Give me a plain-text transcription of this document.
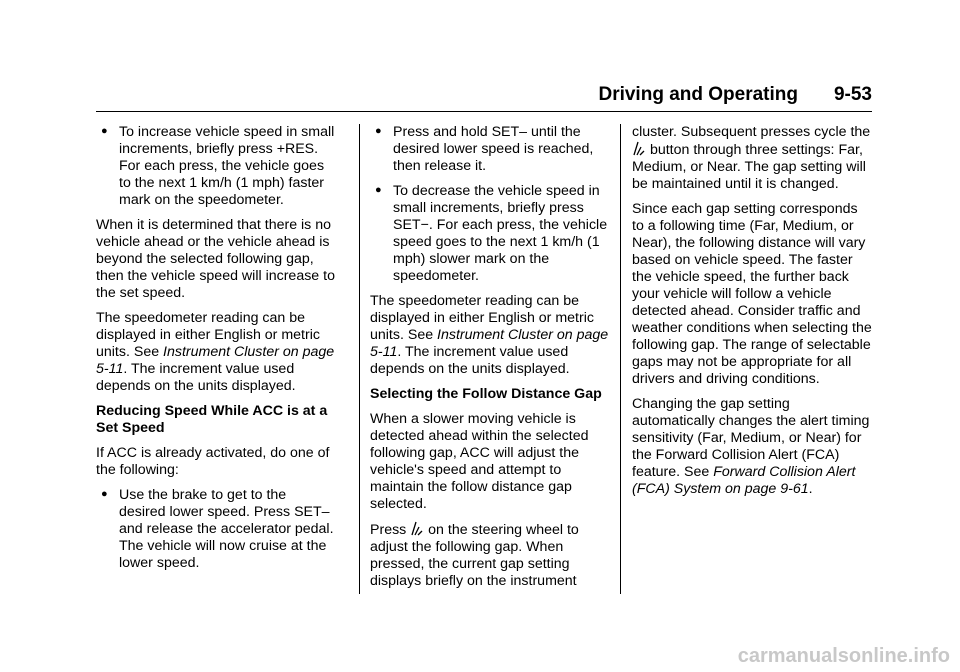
Driving and Operating 9-53
● To increase vehicle speed in small increments, briefly press +RES. For each press, the vehicle goes to the next 1 km/h (1 mph) faster mark on the speedometer.

When it is determined that there is no vehicle ahead or the vehicle ahead is beyond the selected following gap, then the vehicle speed will increase to the set speed.

The speedometer reading can be displayed in either English or metric units. See Instrument Cluster on page 5-11. The increment value used depends on the units displayed.

Reducing Speed While ACC is at a Set Speed

If ACC is already activated, do one of the following:

● Use the brake to get to the desired lower speed. Press SET– and release the accelerator pedal. The vehicle will now cruise at the lower speed.
● Press and hold SET– until the desired lower speed is reached, then release it.
● To decrease the vehicle speed in small increments, briefly press SET−. For each press, the vehicle speed goes to the next 1 km/h (1 mph) slower mark on the speedometer.

The speedometer reading can be displayed in either English or metric units. See Instrument Cluster on page 5-11. The increment value used depends on the units displayed.

Selecting the Follow Distance Gap

When a slower moving vehicle is detected ahead within the selected following gap, ACC will adjust the vehicle's speed and attempt to maintain the follow distance gap selected.

Press  on the steering wheel to adjust the following gap. When pressed, the current gap setting displays briefly on the instrument

cluster. Subsequent presses cycle the  button through three settings: Far, Medium, or Near. The gap setting will be maintained until it is changed.

Since each gap setting corresponds to a following time (Far, Medium, or Near), the following distance will vary based on vehicle speed. The faster the vehicle speed, the further back your vehicle will follow a vehicle detected ahead. Consider traffic and weather conditions when selecting the following gap. The range of selectable gaps may not be appropriate for all drivers and driving conditions.

Changing the gap setting automatically changes the alert timing sensitivity (Far, Medium, or Near) for the Forward Collision Alert (FCA) feature. See Forward Collision Alert (FCA) System on page 9-61.

carmanualsonline.info
